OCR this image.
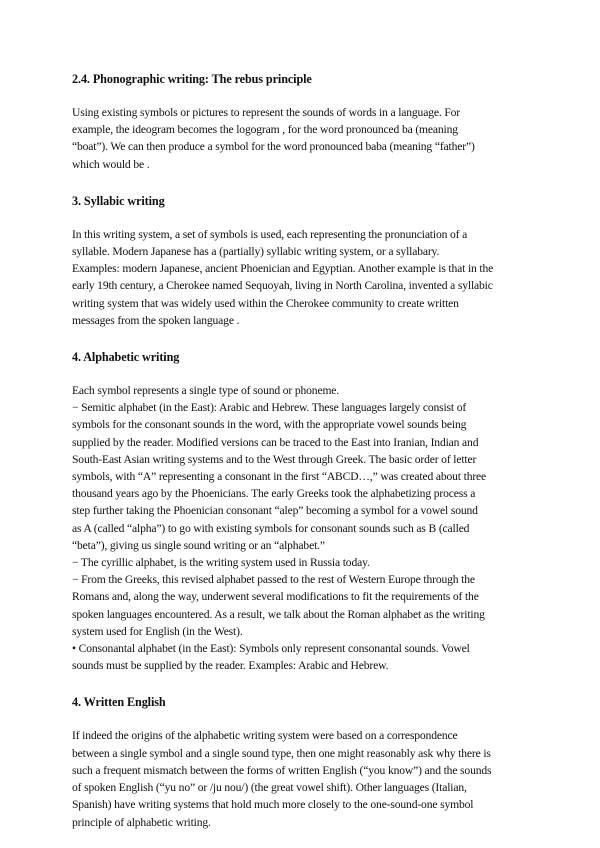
2.4. Phonographic writing: The rebus principle

Using existing symbols or pictures to represent the sounds of words in a language. For
example, the ideogram becomes the logogram , for the word pronounced ba (meaning
“boat”). We can then produce a symbol for the word pronounced baba (meaning “father”)
which would be .

3. Syllabic writing

In this writing system, a set of symbols is used, each representing the pronunciation of a
syllable. Modern Japanese has a (partially) syllabic writing system, or a syllabary.
Examples: modern Japanese, ancient Phoenician and Egyptian. Another example is that in the
early 19th century, a Cherokee named Sequoyah, living in North Carolina, invented a syllabic
writing system that was widely used within the Cherokee community to create written
messages from the spoken language .

4. Alphabetic writing

Each symbol represents a single type of sound or phoneme.
− Semitic alphabet (in the East): Arabic and Hebrew. These languages largely consist of
symbols for the consonant sounds in the word, with the appropriate vowel sounds being
supplied by the reader. Modified versions can be traced to the East into Iranian, Indian and
South-East Asian writing systems and to the West through Greek. The basic order of letter
symbols, with “A” representing a consonant in the first “ABCD…,” was created about three
thousand years ago by the Phoenicians. The early Greeks took the alphabetizing process a
step further taking the Phoenician consonant “alep” becoming a symbol for a vowel sound
as A (called “alpha”) to go with existing symbols for consonant sounds such as B (called
“beta”), giving us single sound writing or an “alphabet.”
− The cyrillic alphabet, is the writing system used in Russia today.
− From the Greeks, this revised alphabet passed to the rest of Western Europe through the
Romans and, along the way, underwent several modifications to fit the requirements of the
spoken languages encountered. As a result, we talk about the Roman alphabet as the writing
system used for English (in the West).
• Consonantal alphabet (in the East): Symbols only represent consonantal sounds. Vowel
sounds must be supplied by the reader. Examples: Arabic and Hebrew.

4. Written English

If indeed the origins of the alphabetic writing system were based on a correspondence
between a single symbol and a single sound type, then one might reasonably ask why there is
such a frequent mismatch between the forms of written English (“you know”) and the sounds
of spoken English (“yu no” or /ju nou/) (the great vowel shift). Other languages (Italian,
Spanish) have writing systems that hold much more closely to the one-sound-one symbol
principle of alphabetic writing.
